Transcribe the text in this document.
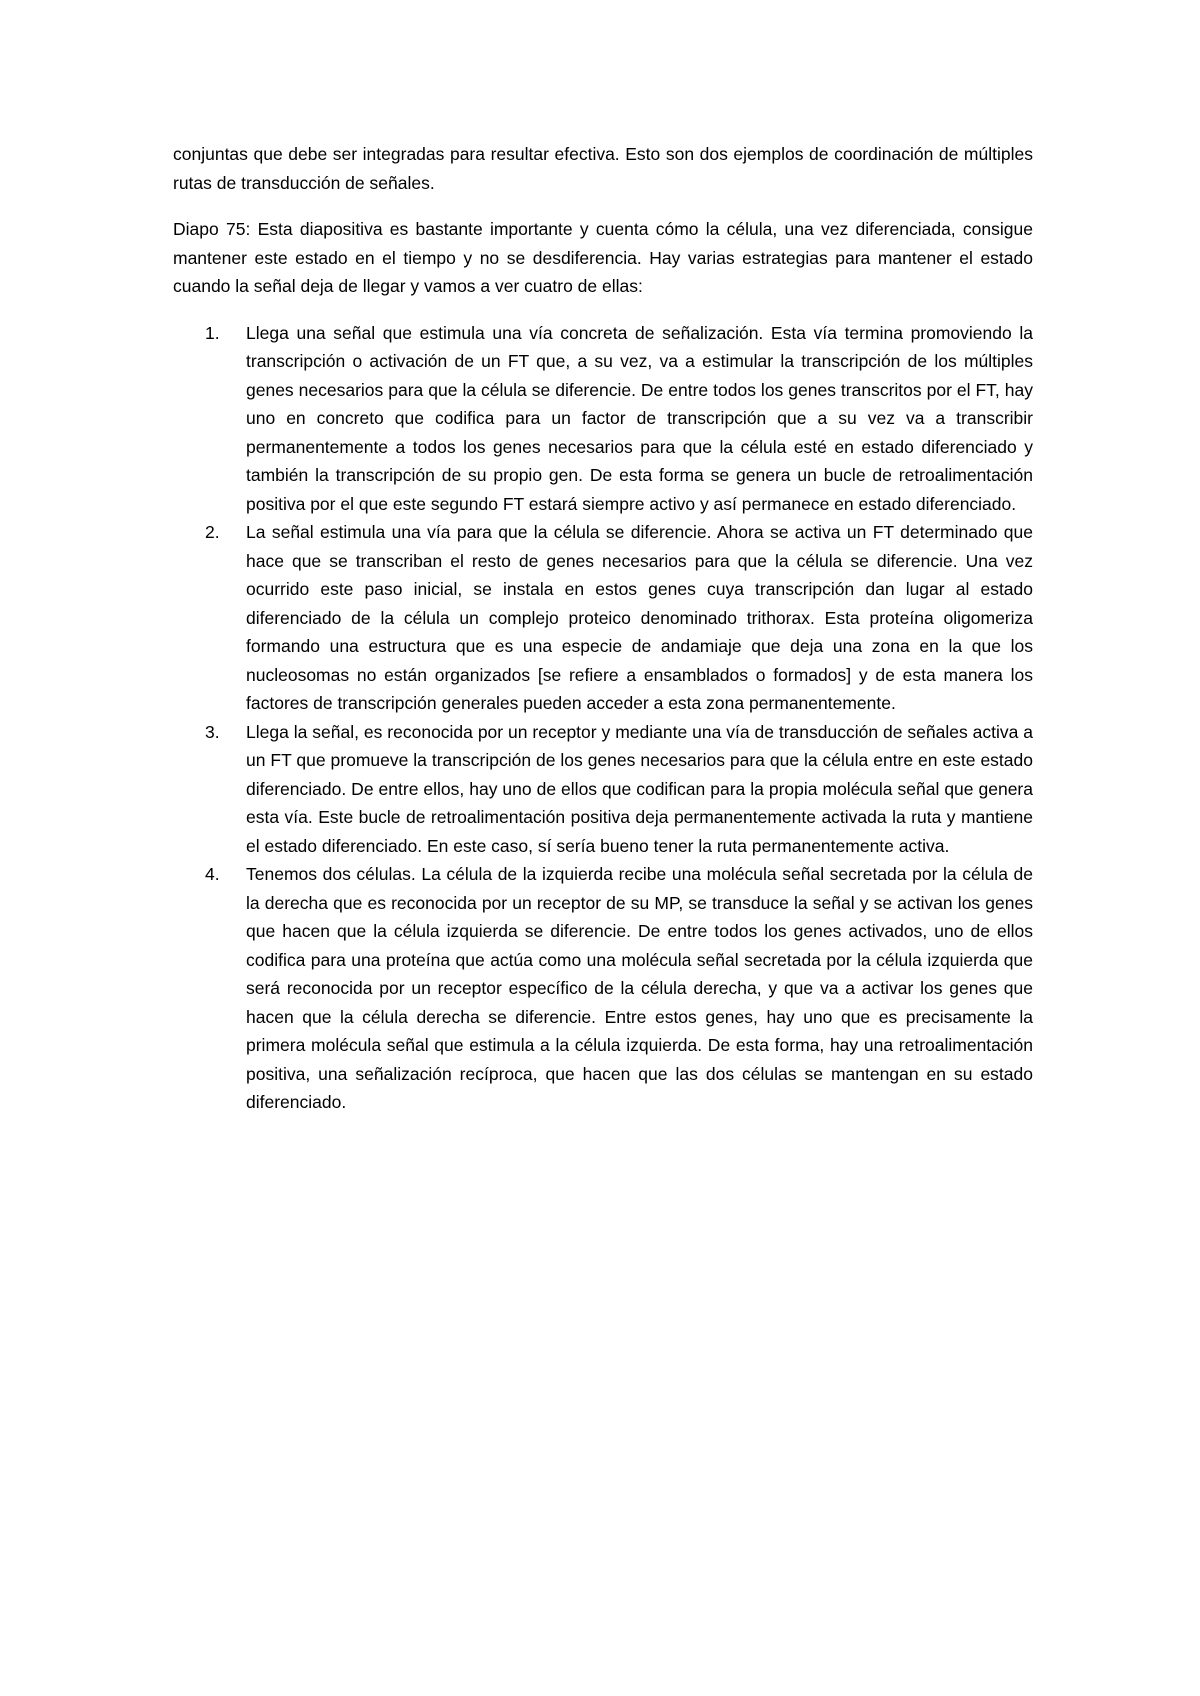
conjuntas que debe ser integradas para resultar efectiva. Esto son dos ejemplos de coordinación de múltiples rutas de transducción de señales.

Diapo 75: Esta diapositiva es bastante importante y cuenta cómo la célula, una vez diferenciada, consigue mantener este estado en el tiempo y no se desdiferencia. Hay varias estrategias para mantener el estado cuando la señal deja de llegar y vamos a ver cuatro de ellas:

1. Llega una señal que estimula una vía concreta de señalización. Esta vía termina promoviendo la transcripción o activación de un FT que, a su vez, va a estimular la transcripción de los múltiples genes necesarios para que la célula se diferencie. De entre todos los genes transcritos por el FT, hay uno en concreto que codifica para un factor de transcripción que a su vez va a transcribir permanentemente a todos los genes necesarios para que la célula esté en estado diferenciado y también la transcripción de su propio gen. De esta forma se genera un bucle de retroalimentación positiva por el que este segundo FT estará siempre activo y así permanece en estado diferenciado.
2. La señal estimula una vía para que la célula se diferencie. Ahora se activa un FT determinado que hace que se transcriban el resto de genes necesarios para que la célula se diferencie. Una vez ocurrido este paso inicial, se instala en estos genes cuya transcripción dan lugar al estado diferenciado de la célula un complejo proteico denominado trithorax. Esta proteína oligomeriza formando una estructura que es una especie de andamiaje que deja una zona en la que los nucleosomas no están organizados [se refiere a ensamblados o formados] y de esta manera los factores de transcripción generales pueden acceder a esta zona permanentemente.
3. Llega la señal, es reconocida por un receptor y mediante una vía de transducción de señales activa a un FT que promueve la transcripción de los genes necesarios para que la célula entre en este estado diferenciado. De entre ellos, hay uno de ellos que codifican para la propia molécula señal que genera esta vía. Este bucle de retroalimentación positiva deja permanentemente activada la ruta y mantiene el estado diferenciado. En este caso, sí sería bueno tener la ruta permanentemente activa.
4. Tenemos dos células. La célula de la izquierda recibe una molécula señal secretada por la célula de la derecha que es reconocida por un receptor de su MP, se transduce la señal y se activan los genes que hacen que la célula izquierda se diferencie. De entre todos los genes activados, uno de ellos codifica para una proteína que actúa como una molécula señal secretada por la célula izquierda que será reconocida por un receptor específico de la célula derecha, y que va a activar los genes que hacen que la célula derecha se diferencie. Entre estos genes, hay uno que es precisamente la primera molécula señal que estimula a la célula izquierda. De esta forma, hay una retroalimentación positiva, una señalización recíproca, que hacen que las dos células se mantengan en su estado diferenciado.
